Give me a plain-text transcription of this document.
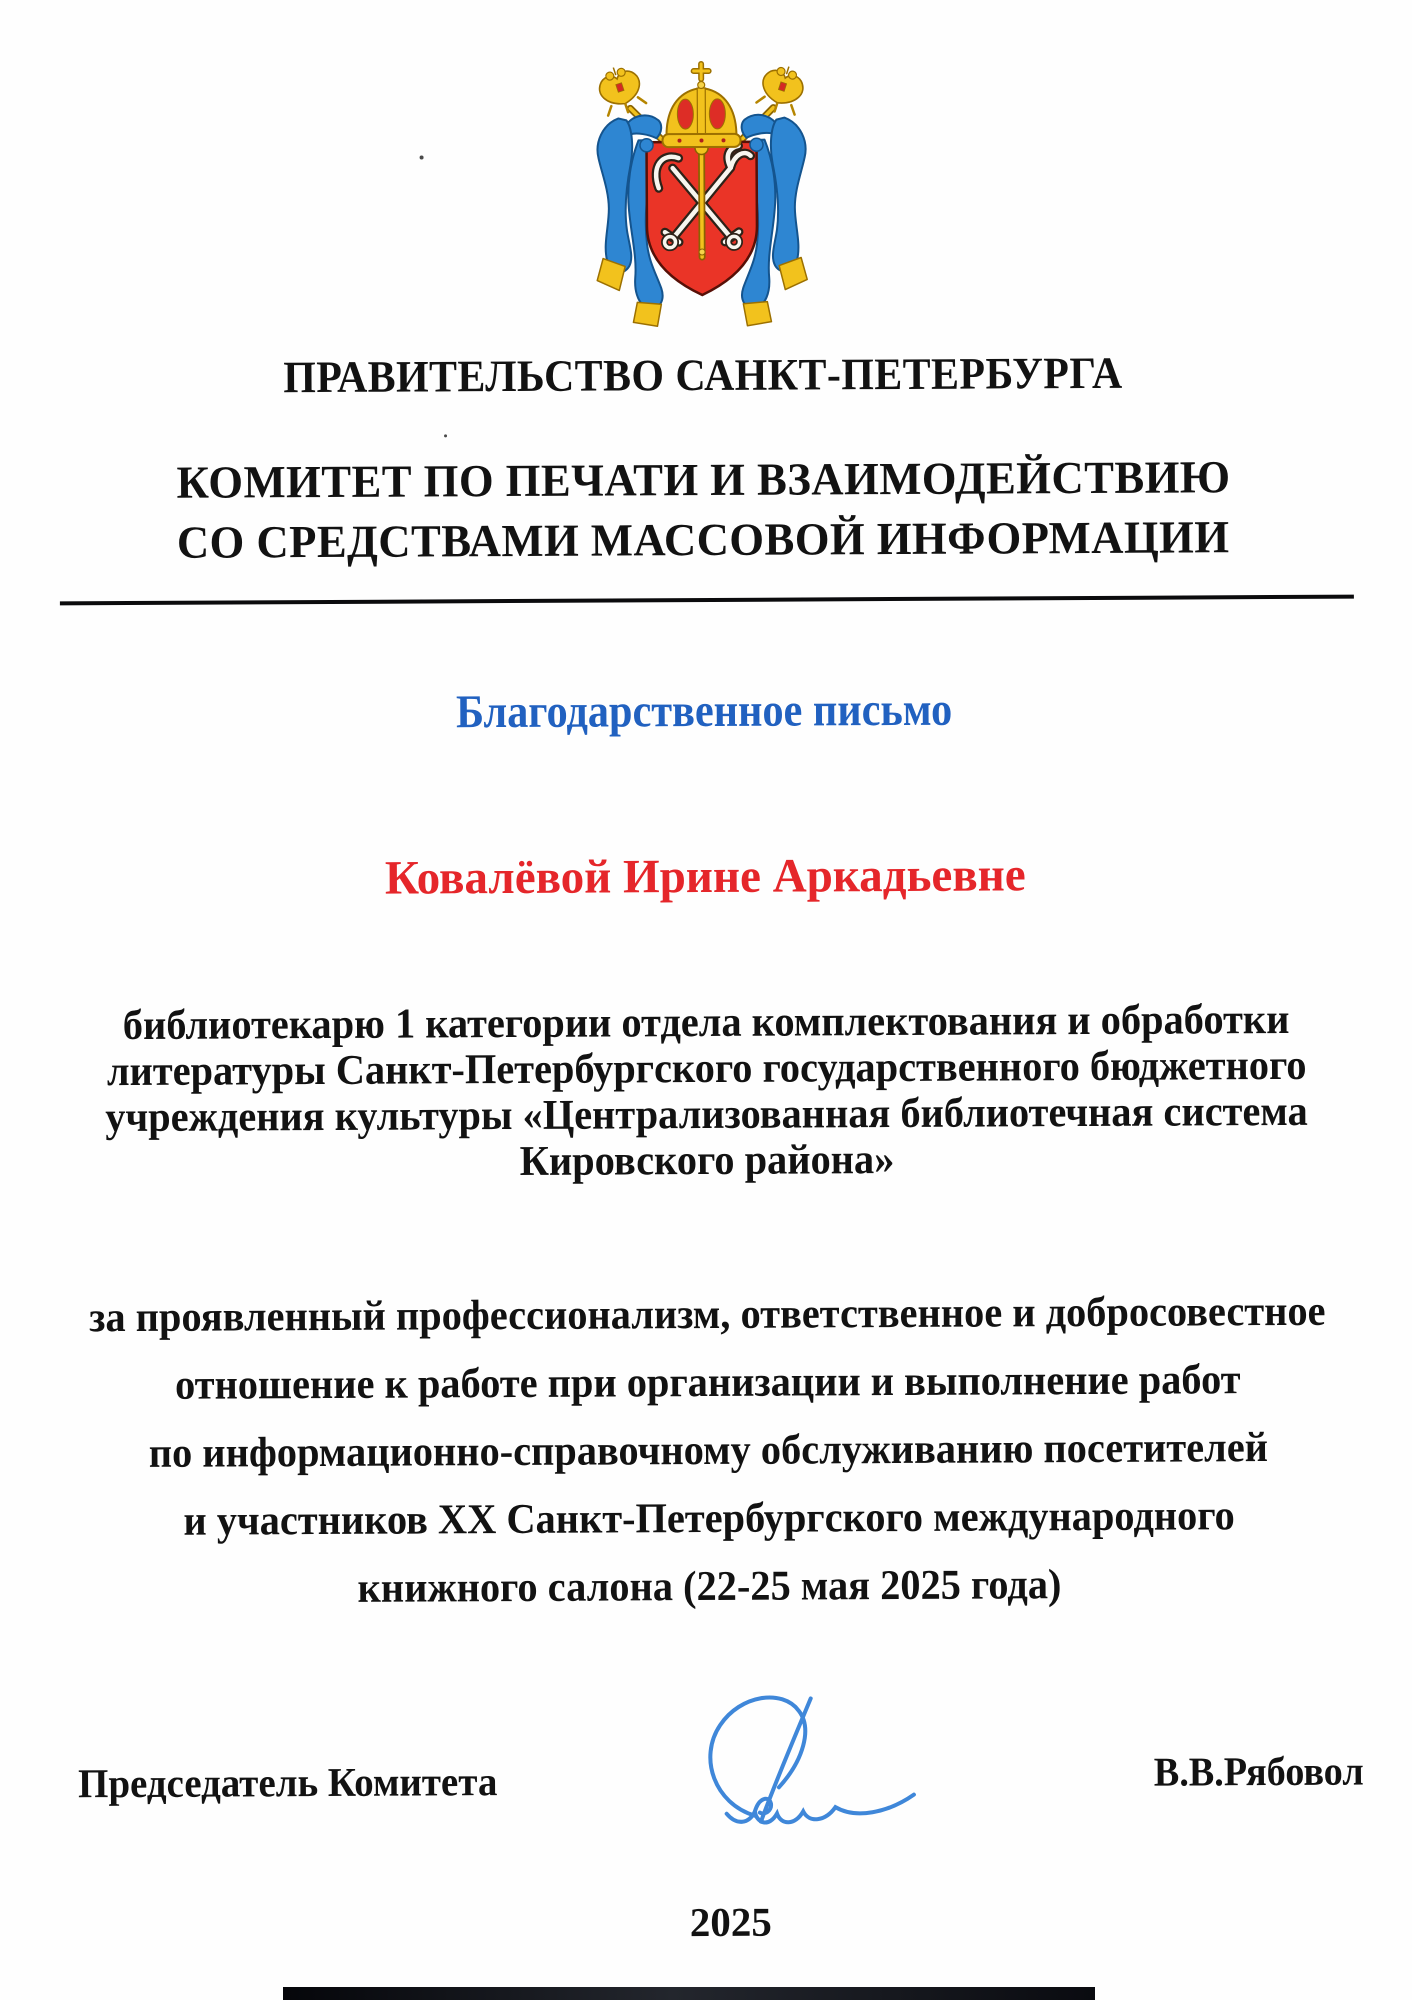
ПРАВИТЕЛЬСТВО САНКТ-ПЕТЕРБУРГА
КОМИТЕТ ПО ПЕЧАТИ И ВЗАИМОДЕЙСТВИЮ
СО СРЕДСТВАМИ МАССОВОЙ ИНФОРМАЦИИ
Благодарственное письмо
Ковалёвой Ирине Аркадьевне
библиотекарю 1 категории отдела комплектования и обработки
литературы Санкт-Петербургского государственного бюджетного
учреждения культуры «Централизованная библиотечная система
Кировского района»
за проявленный профессионализм, ответственное и добросовестное
отношение к работе при организации и выполнение работ
по информационно-справочному обслуживанию посетителей
и участников XX Санкт-Петербургского международного
книжного салона (22-25 мая 2025 года)
Председатель Комитета	В.В.Рябовол
2025
